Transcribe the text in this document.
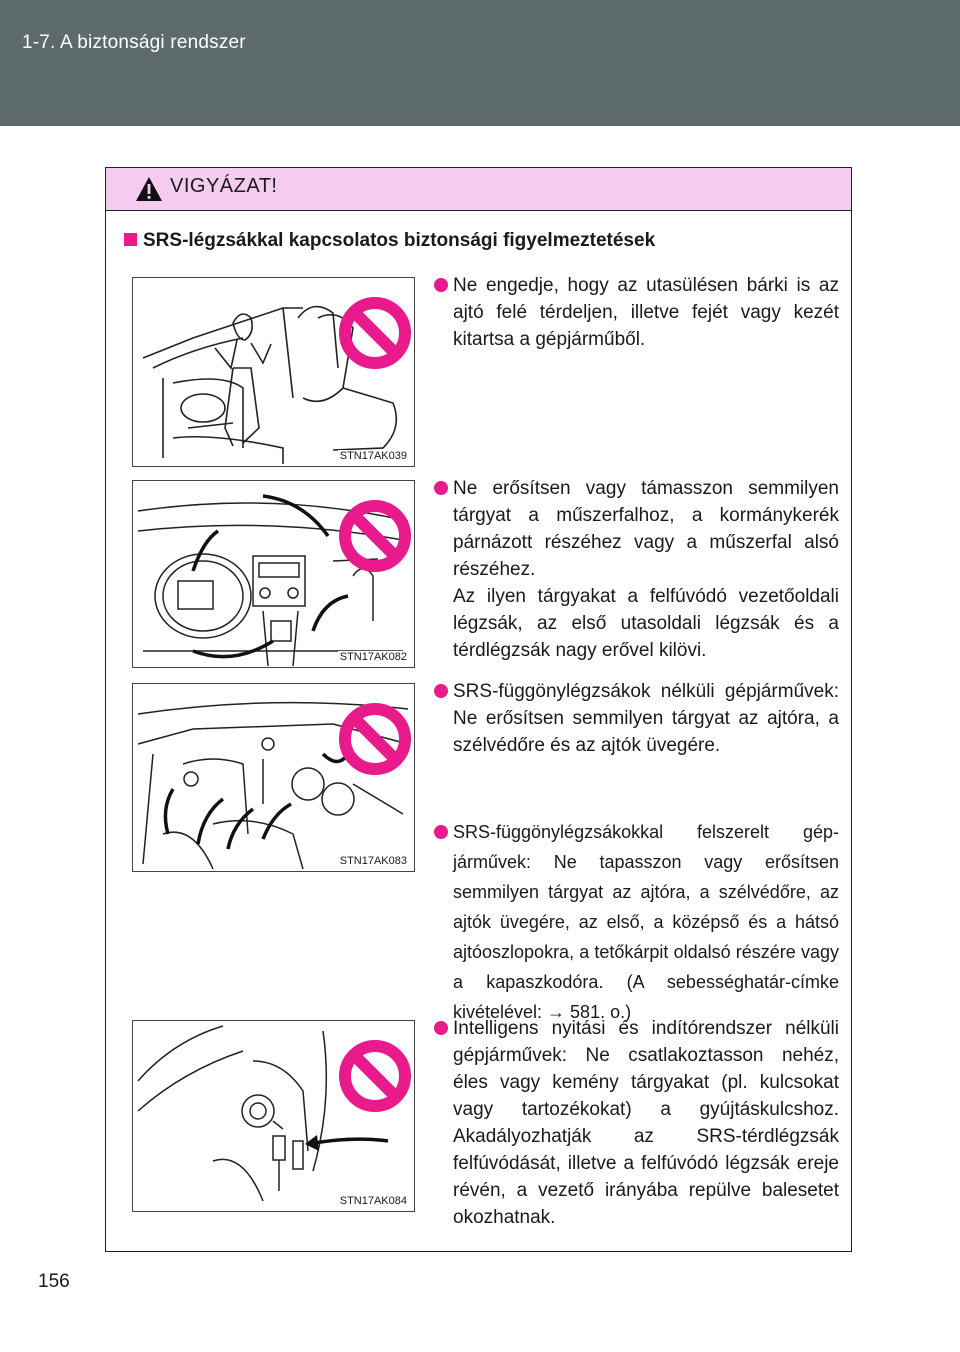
1-7. A biztonsági rendszer
VIGYÁZAT!
SRS-légzsákkal kapcsolatos biztonsági figyelmeztetések
STN17AK039
STN17AK082
STN17AK083
STN17AK084
Ne engedje, hogy az utasülésen bárki is az ajtó felé térdeljen, illetve fejét vagy kezét kitartsa a gépjárműből.
Ne erősítsen vagy támasszon semmilyen tárgyat a műszerfalhoz, a kormánykerék párnázott részéhez vagy a műszerfal alsó részéhez.
Az ilyen tárgyakat a felfúvódó vezetőoldali légzsák, az első utasoldali légzsák és a térdlégzsák nagy erővel kilövi.
SRS-függönylégzsákok nélküli gépjárművek: Ne erősítsen semmilyen tárgyat az ajtóra, a szélvédőre és az ajtók üvegére.
SRS-függönylégzsákokkal felszerelt gépjárművek: Ne tapasszon vagy erősítsen semmilyen tárgyat az ajtóra, a szélvédőre, az ajtók üvegére, az első, a középső és a hátsó ajtóoszlopokra, a tetőkárpit oldalsó részére vagy a kapaszkodóra. (A sebességhatár-címke kivételével: → 581. o.)
Intelligens nyitási és indítórendszer nélküli gépjárművek: Ne csatlakoztasson nehéz, éles vagy kemény tárgyakat (pl. kulcsokat vagy tartozékokat) a gyújtáskulcshoz. Akadályozhatják az SRS-térdlégzsák felfúvódását, illetve a felfúvódó légzsák ereje révén, a vezető irányába repülve balesetet okozhatnak.
156
